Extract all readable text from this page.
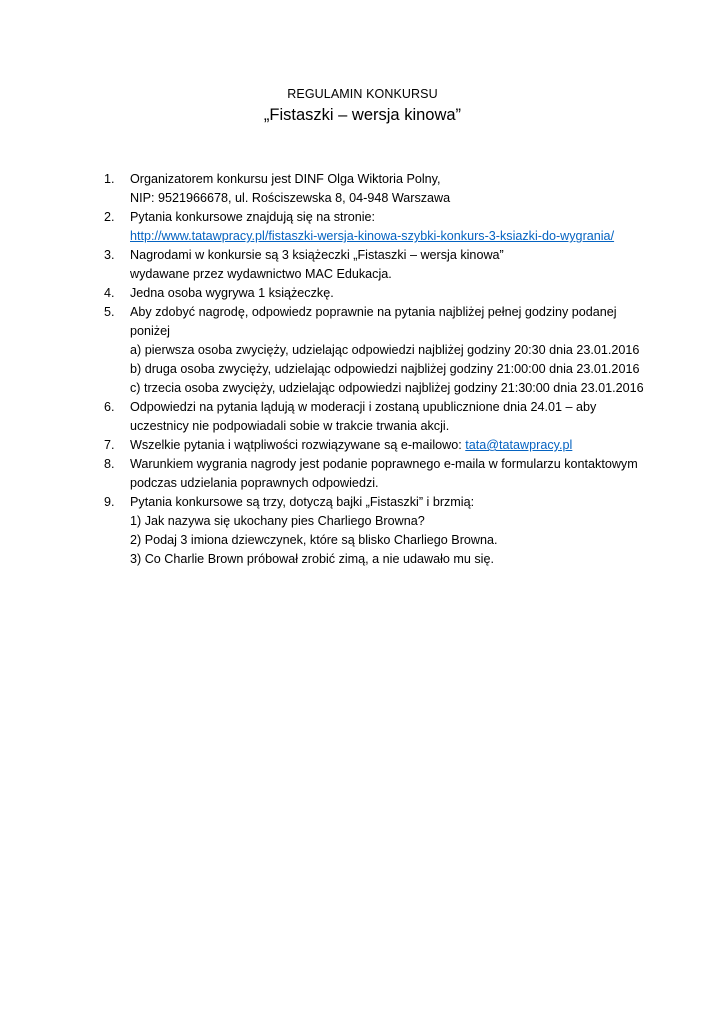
REGULAMIN KONKURSU
„Fistaszki – wersja kinowa”
1.	Organizatorem konkursu jest DINF Olga Wiktoria Polny,
NIP: 9521966678, ul. Rościszewska 8, 04-948 Warszawa
2.	Pytania konkursowe znajdują się na stronie:
http://www.tatawpracy.pl/fistaszki-wersja-kinowa-szybki-konkurs-3-ksiazki-do-wygrania/
3.	Nagrodami w konkursie są 3 książeczki „Fistaszki – wersja kinowa”
wydawane przez wydawnictwo MAC Edukacja.
4.	Jedna osoba wygrywa 1 książeczkę.
5.	Aby zdobyć nagrodę, odpowiedz poprawnie na pytania najbliżej pełnej godziny podanej
poniżej
a) pierwsza osoba zwycięży, udzielając odpowiedzi najbliżej godziny 20:30 dnia 23.01.2016
b) druga osoba zwycięży, udzielając odpowiedzi najbliżej godziny 21:00:00 dnia 23.01.2016
c) trzecia osoba zwycięży, udzielając odpowiedzi najbliżej godziny 21:30:00 dnia 23.01.2016
6.	Odpowiedzi na pytania lądują w moderacji i zostaną upublicznione dnia 24.01 – aby
uczestnicy nie podpowiadali sobie w trakcie trwania akcji.
7.	Wszelkie pytania i wątpliwości rozwiązywane są e-mailowo: tata@tatawpracy.pl
8.	Warunkiem wygrania nagrody jest podanie poprawnego e-maila w formularzu kontaktowym
podczas udzielania poprawnych odpowiedzi.
9.	Pytania konkursowe są trzy, dotyczą bajki „Fistaszki” i brzmią:
1) Jak nazywa się ukochany pies Charliego Browna?
2) Podaj 3 imiona dziewczynek, które są blisko Charliego Browna.
3) Co Charlie Brown próbował zrobić zimą, a nie udawało mu się.
